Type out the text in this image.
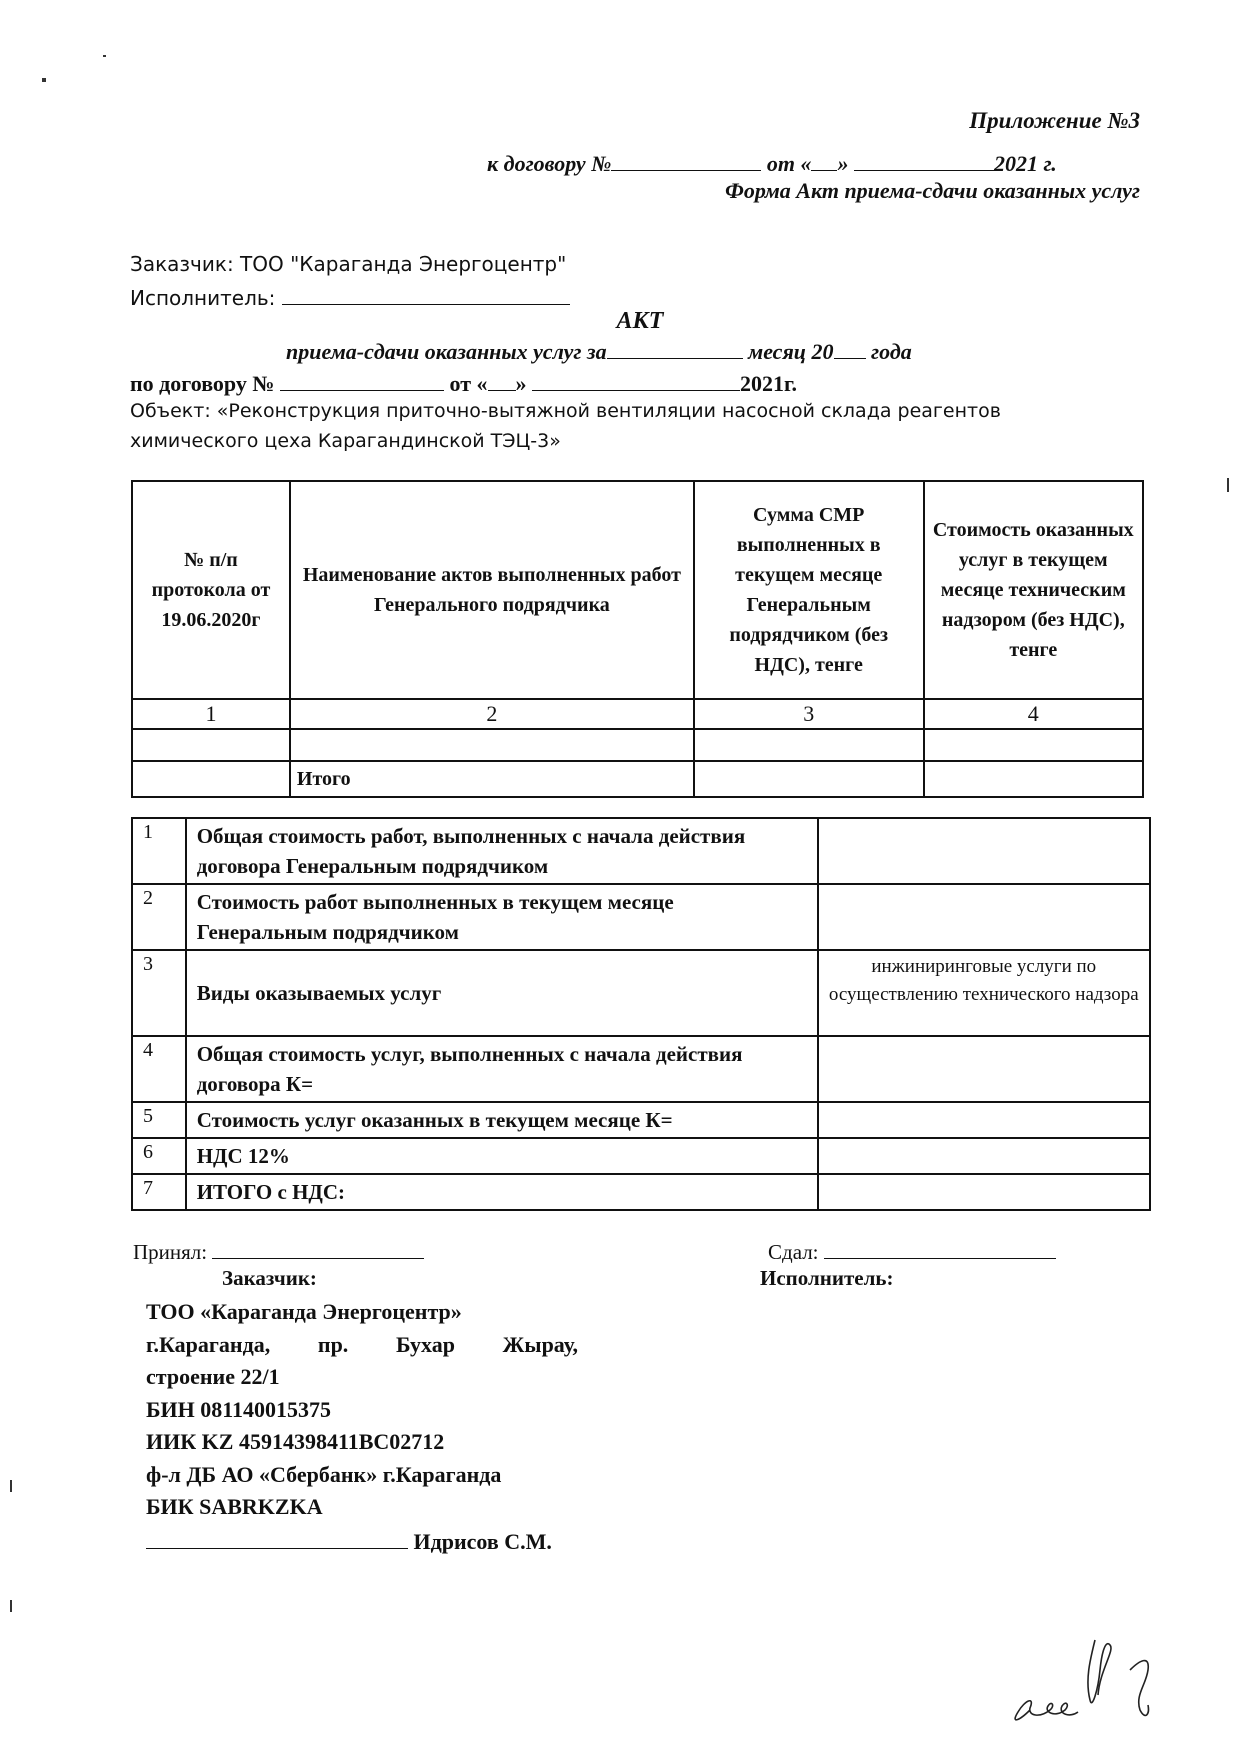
Приложение №3
к договору №	от « »	2021 г.
Форма Акт приема-сдачи оказанных услуг
Заказчик: ТОО "Караганда Энергоцентр"
Исполнитель:
АКТ
приема-сдачи оказанных услуг за	месяц 20 года
по договору №	от « »	2021г.
Объект: «Реконструкция приточно-вытяжной вентиляции насосной склада реагентов химического цеха Карагандинской ТЭЦ-3»
№ п/п протокола от 19.06.2020г	Наименование актов выполненных работ Генерального подрядчика	Сумма СМР выполненных в текущем месяце Генеральным подрядчиком (без НДС), тенге	Стоимость оказанных услуг в текущем месяце техническим надзором (без НДС), тенге
1	2	3	4

	Итого		
1	Общая стоимость работ, выполненных с начала действия договора Генеральным подрядчиком	
2	Стоимость работ выполненных в текущем месяце Генеральным подрядчиком	
3	Виды оказываемых услуг	инжиниринговые услуги по осуществлению технического надзора
4	Общая стоимость услуг, выполненных с начала действия договора К=	
5	Стоимость услуг оказанных в текущем месяце К=	
6	НДС 12%	
7	ИТОГО с НДС:	
Принял:	Сдал:
Заказчик:	Исполнитель:
ТОО «Караганда Энергоцентр»
г.Караганда, пр. Бухар Жырау,
строение 22/1
БИН 081140015375
ИИК KZ 45914398411BC02712
ф-л ДБ АО «Сбербанк» г.Караганда
БИК SABRKZKA
Идрисов С.М.
